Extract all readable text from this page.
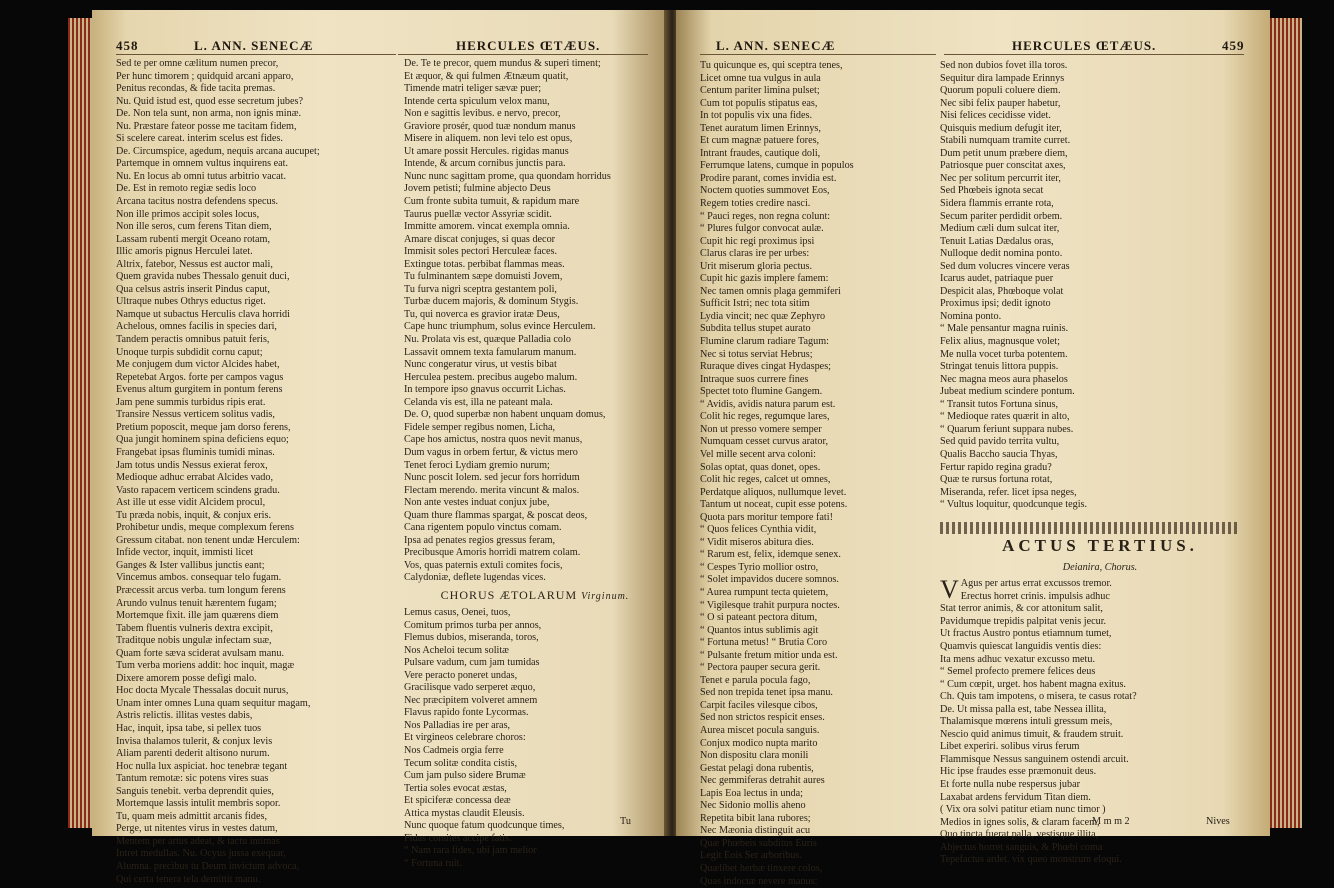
458	L. ANN. SENECÆ	HERCULES ŒTÆUS.
Sed te per omne cælitum numen precor,
Per hunc timorem ; quidquid arcani apparo,
Penitus recondas, & fide tacita premas.
Nu. Quid istud est, quod esse secretum jubes?
De. Non tela sunt, non arma, non ignis minæ.
Nu. Præstare fateor posse me tacitam fidem,
Si scelere careat. interim scelus est fides.
De. Circumspice, agedum, nequis arcana aucupet;
Partemque in omnem vultus inquirens eat.
Nu. En locus ab omni tutus arbitrio vacat.
De. Est in remoto regiæ sedis loco
Arcana tacitus nostra defendens specus.
Non ille primos accipit soles locus,
Non ille seros, cum ferens Titan diem,
Lassam rubenti mergit Oceano rotam,
Illic amoris pignus Herculei latet.
Altrix, fatebor, Nessus est auctor mali,
Quem gravida nubes Thessalo genuit duci,
Qua celsus astris inserit Pindus caput,
Ultraque nubes Othrys eductus riget.
Namque ut subactus Herculis clava horridi
Achelous, omnes facilis in species dari,
Tandem peractis omnibus patuit feris,
Unoque turpis subdidit cornu caput;
Me conjugem dum victor Alcides habet,
Repetebat Argos. forte per campos vagus
Evenus altum gurgitem in pontum ferens
Jam pene summis turbidus ripis erat.
Transire Nessus verticem solitus vadis,
Pretium poposcit, meque jam dorso ferens,
Qua jungit hominem spina deficiens equo;
Frangebat ipsas fluminis tumidi minas.
Jam totus undis Nessus exierat ferox,
Medioque adhuc errabat Alcides vado,
Vasto rapacem verticem scindens gradu.
Ast ille ut esse vidit Alcidem procul,
Tu præda nobis, inquit, & conjux eris.
Prohibetur undis, meque complexum ferens
Gressum citabat. non tenent undæ Herculem:
Infide vector, inquit, immisti licet
Ganges & Ister vallibus junctis eant;
Vincemus ambos. consequar telo fugam.
Præcessit arcus verba. tum longum ferens
Arundo vulnus tenuit hærentem fugam;
Mortemque fixit. ille jam quærens diem
Tabem fluentis vulneris dextra excipit,
Traditque nobis ungulæ infectam suæ,
Quam forte sæva sciderat avulsam manu.
Tum verba moriens addit: hoc inquit, magæ
Dixere amorem posse defigi malo.
Hoc docta Mycale Thessalas docuit nurus,
Unam inter omnes Luna quam sequitur magam,
Astris relictis. illitas vestes dabis,
Hac, inquit, ipsa tabe, si pellex tuos
Invisa thalamos tulerit, & conjux levis
Aliam parenti dederit altisono nurum.
Hoc nulla lux aspiciat. hoc tenebræ tegant
Tantum remotæ: sic potens vires suas
Sanguis tenebit. verba deprendit quies,
Mortemque lassis intulit membris sopor.
Tu, quam meis admittit arcanis fides,
Perge, ut nitentes virus in vestes datum,
Mentem per artus adeat, & tactu intimas
Intret medullas. Nu. Ocyus jussa exequar,
Alumna. precibus tu Deum invictum advoca,
Qui certa tenera tela demittit manu.
De. Te te precor, quem mundus & superi timent;
Et æquor, & qui fulmen Ætnæum quatit,
Timende matri teliger sævæ puer;
Intende certa spiculum velox manu,
Non e sagittis levibus. e nervo, precor,
Graviore prosér, quod tuæ nondum manus
Misere in aliquem. non levi telo est opus,
Ut amare possit Hercules. rigidas manus
Intende, & arcum cornibus junctis para.
Nunc nunc sagittam prome, qua quondam horridus
Jovem petisti; fulmine abjecto Deus
Cum fronte subita tumuit, & rapidum mare
Taurus puellæ vector Assyriæ scidit.
Immitte amorem. vincat exempla omnia.
Amare discat conjuges, si quas decor
Immisit soles pectori Herculeæ faces.
Extingue totas. perbibat flammas meas.
Tu fulminantem sæpe domuisti Jovem,
Tu furva nigri sceptra gestantem poli,
Turbæ ducem majoris, & dominum Stygis.
Tu, qui noverca es gravior iratæ Deus,
Cape hunc triumphum, solus evince Herculem.
Nu. Prolata vis est, quæque Palladia colo
Lassavit omnem texta famularum manum.
Nunc congeratur virus, ut vestis bibat
Herculea pestem. precibus augebo malum.
In tempore ipso gnavus occurrit Lichas.
Celanda vis est, illa ne pateant mala.
De. O, quod superbæ non habent unquam domus,
Fidele semper regibus nomen, Licha,
Cape hos amictus, nostra quos nevit manus,
Dum vagus in orbem fertur, & victus mero
Tenet feroci Lydiam gremio nurum;
Nunc poscit Iolem. sed jecur fors horridum
Flectam merendo. merita vincunt & malos.
Non ante vestes induat conjux jube,
Quam thure flammas spargat, & poscat deos,
Cana rigentem populo vinctus comam.
Ipsa ad penates regios gressus feram,
Precibusque Amoris horridi matrem colam.
Vos, quas paternis extuli comites focis,
Calydoniæ, deflete lugendas vices.
CHORUS ÆTOLARUM Virginum.
Lemus casus, Oenei, tuos,
Comitum primos turba per annos,
Flemus dubios, miseranda, toros,
Nos Acheloi tecum solitæ
Pulsare vadum, cum jam tumidas
Vere peracto poneret undas,
Gracilisque vado serperet æquo,
Nec præcipitem volveret amnem
Flavus rapido fonte Lycormas.
Nos Palladias ire per aras,
Et virgineos celebrare choros:
Nos Cadmeis orgia ferre
Tecum solitæ condita cistis,
Cum jam pulso sidere Brumæ
Tertia soles evocat æstas,
Et spiciferæ concessa deæ
Attica mystas claudit Eleusis.
Nunc quoque fatum quodcunque times,
Fidas comites accipe fatis.
“ Nam rara fides, ubi jam melior
“ Fortuna ruit.
Tu
L. ANN. SENECÆ	HERCULES ŒTÆUS.	459
Tu quicunque es, qui sceptra tenes,
Licet omne tua vulgus in aula
Centum pariter limina pulset;
Cum tot populis stipatus eas,
In tot populis vix una fides.
Tenet auratum limen Erinnys,
Et cum magnæ patuere fores,
Intrant fraudes, cautique doli,
Ferrumque latens, cumque in populos
Prodire parant, comes invidia est.
Noctem quoties summovet Eos,
Regem toties credire nasci.
“ Pauci reges, non regna colunt:
“ Plures fulgor convocat aulæ.
Cupit hic regi proximus ipsi
Clarus claras ire per urbes:
Urit miserum gloria pectus.
Cupit hic gazis implere famem:
Nec tamen omnis plaga gemmiferi
Sufficit Istri; nec tota sitim
Lydia vincit; nec quæ Zephyro
Subdita tellus stupet aurato
Flumine clarum radiare Tagum:
Nec si totus serviat Hebrus;
Ruraque dives cingat Hydaspes;
Intraque suos currere fines
Spectet toto flumine Gangem.
“ Avidis, avidis natura parum est.
Colit hic reges, regumque lares,
Non ut presso vomere semper
Numquam cesset curvus arator,
Vel mille secent arva coloni:
Solas optat, quas donet, opes.
Colit hic reges, calcet ut omnes,
Perdatque aliquos, nullumque levet.
Tantum ut noceat, cupit esse potens.
Quota pars moritur tempore fati!
“ Quos felices Cynthia vidit,
“ Vidit miseros abitura dies.
“ Rarum est, felix, idemque senex.
“ Cespes Tyrio mollior ostro,
“ Solet impavidos ducere somnos.
“ Aurea rumpunt tecta quietem,
“ Vigilesque trahit purpura noctes.
“ O si pateant pectora ditum,
“ Quantos intus sublimis agit
“ Fortuna metus! “ Brutia Coro
“ Pulsante fretum mitior unda est.
“ Pectora pauper secura gerit.
Tenet e parula pocula fago,
Sed non trepida tenet ipsa manu.
Carpit faciles vilesque cibos,
Sed non strictos respicit enses.
Aurea miscet pocula sanguis.
Conjux modico nupta marito
Non dispositu clara monili
Gestat pelagi dona rubentis,
Nec gemmiferas detrahit aures
Lapis Eoa lectus in unda;
Nec Sidonio mollis aheno
Repetita bibit lana rubores;
Nec Mæonia distinguit acu
Quæ Phœbeis subditus Euris
Legit Eois Ser arboribus.
Quælibet herbæ tinxere colos,
Quas indoctæ nevere manus:
Sed non dubios fovet illa toros.
Sequitur dira lampade Erinnys
Quorum populi coluere diem.
Nec sibi felix pauper habetur,
Nisi felices cecidisse videt.
Quisquis medium defugit iter,
Stabili numquam tramite curret.
Dum petit unum præbere diem,
Patriosque puer conscitat axes,
Nec per solitum percurrit iter,
Sed Phœbeis ignota secat
Sidera flammis errante rota,
Secum pariter perdidit orbem.
Medium cæli dum sulcat iter,
Tenuit Latias Dædalus oras,
Nulloque dedit nomina ponto.
Sed dum volucres vincere veras
Icarus audet, patriaque puer
Despicit alas, Phœboque volat
Proximus ipsi; dedit ignoto
Nomina ponto.
“ Male pensantur magna ruinis.
Felix alius, magnusque volet;
Me nulla vocet turba potentem.
Stringat tenuis littora puppis.
Nec magna meos aura phaselos
Jubeat medium scindere pontum.
“ Transit tutos Fortuna sinus,
“ Medioque rates quærit in alto,
“ Quarum feriunt suppara nubes.
Sed quid pavido territa vultu,
Qualis Baccho saucia Thyas,
Fertur rapido regina gradu?
Quæ te rursus fortuna rotat,
Miseranda, refer. licet ipsa neges,
“ Vultus loquitur, quodcunque tegis.
ACTUS TERTIUS.
Deianira, Chorus.
V Agus per artus errat excussos tremor.
Erectus horret crinis. impulsis adhuc
Stat terror animis, & cor attonitum salit,
Pavidumque trepidis palpitat venis jecur.
Ut fractus Austro pontus etiamnum tumet,
Quamvis quiescat languidis ventis dies:
Ita mens adhuc vexatur excusso metu.
“ Semel profecto premere felices deus
“ Cum cœpit, urget. hos habent magna exitus.
Ch. Quis tam impotens, o misera, te casus rotat?
De. Ut missa palla est, tabe Nessea illita,
Thalamisque mœrens intuli gressum meis,
Nescio quid animus timuit, & fraudem struit.
Libet experiri. solibus virus ferum
Flammisque Nessus sanguinem ostendi arcuit.
Hic ipse fraudes esse præmonuit deus.
Et forte nulla nube respersus jubar
Laxabat ardens fervidum Titan diem.
( Vix ora solvi patitur etiam nunc timor )
Medios in ignes solis, & claram facem,
Quo tincta fuerat palla, vestisque illita,
Abjectus horret sanguis, & Phœbi coma
Tepefactus ardet. vix queo monstrum eloqui.
M m m 2	Nives
